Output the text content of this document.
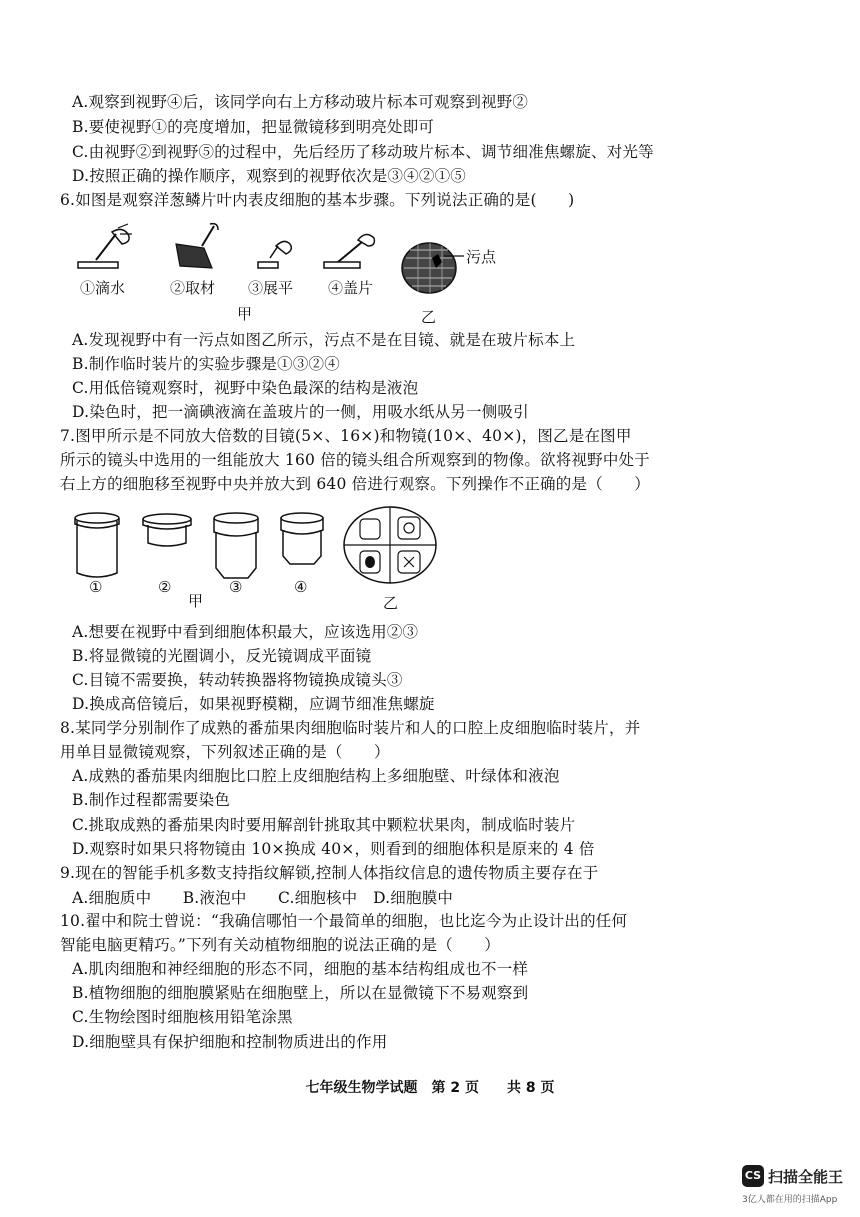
A.观察到视野④后，该同学向右上方移动玻片标本可观察到视野②
B.要使视野①的亮度增加，把显微镜移到明亮处即可
C.由视野②到视野⑤的过程中，先后经历了移动玻片标本、调节细准焦螺旋、对光等
D.按照正确的操作顺序，观察到的视野依次是③④②①⑤
6.如图是观察洋葱鳞片叶内表皮细胞的基本步骤。下列说法正确的是(　　)
污点
①滴水	②取材 ③展平 ④盖片
甲	乙
A.发现视野中有一污点如图乙所示，污点不是在目镜、就是在玻片标本上
B.制作临时装片的实验步骤是①③②④
C.用低倍镜观察时，视野中染色最深的结构是液泡
D.染色时，把一滴碘液滴在盖玻片的一侧，用吸水纸从另一侧吸引
7.图甲所示是不同放大倍数的目镜(5×、16×)和物镜(10×、40×)，图乙是在图甲
所示的镜头中选用的一组能放大 160 倍的镜头组合所观察到的物像。欲将视野中处于
右上方的细胞移至视野中央并放大到 640 倍进行观察。下列操作不正确的是（　　）
①	②	③	④
甲	乙
A.想要在视野中看到细胞体积最大，应该选用②③
B.将显微镜的光圈调小，反光镜调成平面镜
C.目镜不需要换，转动转换器将物镜换成镜头③
D.换成高倍镜后，如果视野模糊，应调节细准焦螺旋
8.某同学分别制作了成熟的番茄果肉细胞临时装片和人的口腔上皮细胞临时装片，并
用单目显微镜观察，下列叙述正确的是（　　）
A.成熟的番茄果肉细胞比口腔上皮细胞结构上多细胞壁、叶绿体和液泡
B.制作过程都需要染色
C.挑取成熟的番茄果肉时要用解剖针挑取其中颗粒状果肉，制成临时装片
D.观察时如果只将物镜由 10×换成 40×，则看到的细胞体积是原来的 4 倍
9.现在的智能手机多数支持指纹解锁,控制人体指纹信息的遗传物质主要存在于
A.细胞质中　　B.液泡中　　C.细胞核中　D.细胞膜中
10.翟中和院士曾说：“我确信哪怕一个最简单的细胞，也比迄今为止设计出的任何
智能电脑更精巧。”下列有关动植物细胞的说法正确的是（　　）
A.肌肉细胞和神经细胞的形态不同，细胞的基本结构组成也不一样
B.植物细胞的细胞膜紧贴在细胞壁上，所以在显微镜下不易观察到
C.生物绘图时细胞核用铅笔涂黑
D.细胞壁具有保护细胞和控制物质进出的作用
七年级生物学试题　第 2 页　　共 8 页
CS 扫描全能王
3亿人都在用的扫描App
